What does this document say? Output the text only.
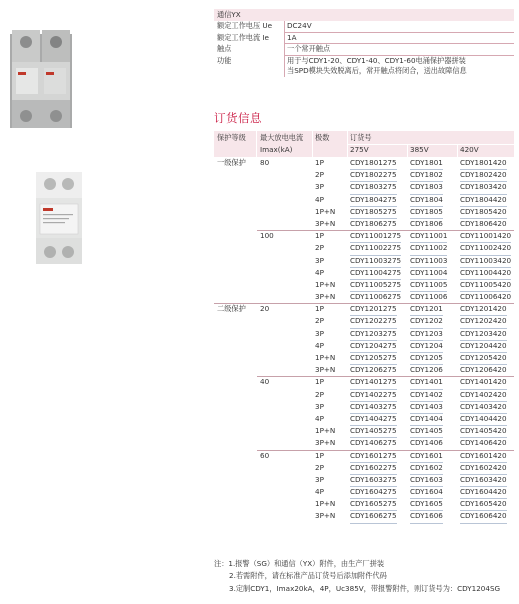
通信YX
额定工作电压 Ue	DC24V
额定工作电流 Ie	1A
触点	一个常开触点
功能	用于与CDY1-20、CDY1-40、CDY1-60电涌保护器拼装
当SPD模块失效脱离后，常开触点将闭合，送出故障信息
订货信息
保护等级 最大放电电流
Imax(kA)
极数	订货号
275V	385V	420V
一级保护 80	1P	CDY1801275 CDY1801 CDY1801420
2P	CDY1802275 CDY1802 CDY1802420
3P	CDY1803275 CDY1803 CDY1803420
4P	CDY1804275 CDY1804 CDY1804420
1P+N CDY1805275 CDY1805 CDY1805420
3P+N CDY1806275 CDY1806 CDY1806420
100	1P	CDY11001275 CDY11001 CDY11001420
2P	CDY11002275 CDY11002 CDY11002420
3P	CDY11003275 CDY11003 CDY11003420
4P	CDY11004275 CDY11004 CDY11004420
1P+N CDY11005275 CDY11005 CDY11005420
3P+N CDY11006275 CDY11006 CDY11006420
二级保护 20	1P	CDY1201275 CDY1201 CDY1201420
2P	CDY1202275 CDY1202 CDY1202420
3P	CDY1203275 CDY1203 CDY1203420
4P	CDY1204275 CDY1204 CDY1204420
1P+N CDY1205275 CDY1205 CDY1205420
3P+N CDY1206275 CDY1206 CDY1206420
40	1P	CDY1401275 CDY1401 CDY1401420
2P	CDY1402275 CDY1402 CDY1402420
3P	CDY1403275 CDY1403 CDY1403420
4P	CDY1404275 CDY1404 CDY1404420
1P+N CDY1405275 CDY1405 CDY1405420
3P+N CDY1406275 CDY1406 CDY1406420
60	1P	CDY1601275 CDY1601 CDY1601420
2P	CDY1602275 CDY1602 CDY1602420
3P	CDY1603275 CDY1603 CDY1603420
4P	CDY1604275 CDY1604 CDY1604420
1P+N CDY1605275 CDY1605 CDY1605420
3P+N CDY1606275 CDY1606 CDY1606420
注：1.报警（SG）和通信（YX）附件，由生产厂拼装
2.若需附件，请在标准产品订货号后添加附件代码
3.定制CDY1，Imax20kA，4P，Uc385V，带报警附件，则订货号为：CDY1204SG
